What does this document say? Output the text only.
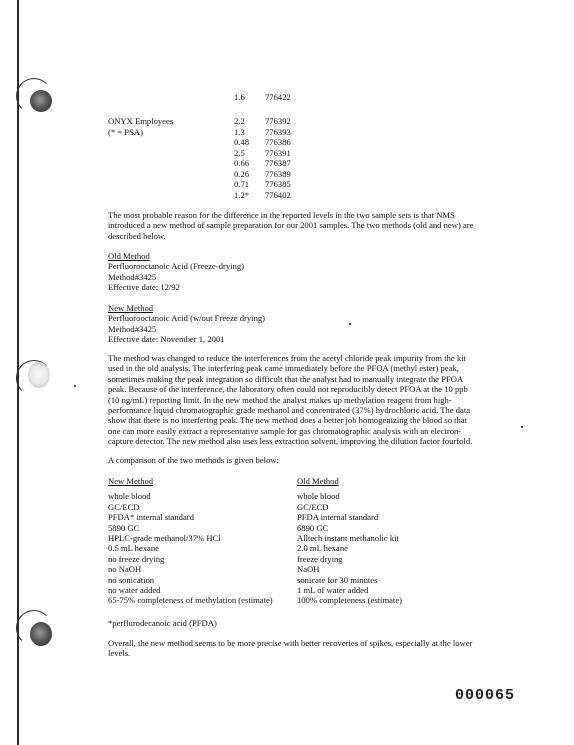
1.6 776422
ONYX Employees
(* = PSA)
2.2 776392
1.3 776393
0.48 776386
2.5 776391
0.66 776387
0.26 776389
0.71 776385
1.2* 776402
The most probable reason for the difference in the reported levels in the two sample sets is that NMS
introduced a new method of sample preparation for our 2001 samples. The two methods (old and new) are
described below.
Old Method
Perfluorooctanoic Acid (Freeze-drying)
Method#3425
Effective date: 12/92
New Method
Perfluorooctanoic Acid (w/out Freeze drying)
Method#3425
Effective date: November 1, 2001
The method was changed to reduce the interferences from the acetyl chloride peak impurity from the kit
used in the old analysis. The interfering peak came immediately before the PFOA (methyl ester) peak,
sometimes making the peak integration so difficult that the analyst had to manually integrate the PFOA
peak. Because of the interference, the laboratory often could not reproducibly detect PFOA at the 10 ppb
(10 ng/mL) reporting limit. In the new method the analyst makes up methylation reagent from high-
performance liquid chromatographic grade methanol and concentrated (37%) hydrochloric acid. The data
show that there is no interfering peak. The new method does a better job homogenizing the blood so that
one can more easily extract a representative sample for gas chromatographic analysis with an electron-
capture detector. The new method also uses less extraction solvent, improving the dilution factor fourfold.
A comparison of the two methods is given below:
New Method
whole blood
GC/ECD
PFDA* internal standard
5890 GC
HPLC-grade methanol/37% HCl
0.5 mL hexane
no freeze drying
no NaOH
no sonication
no water added
65-75% completeness of methylation (estimate)
Old Method
whole blood
GC/ECD
PFDA internal standard
6890 GC
Alltech instant methanolic kit
2.0 mL hexane
freeze drying
NaOH
sonicate for 30 minutes
1 mL of water added
100% completeness (estimate)
*perflurodecanoic acid (PFDA)
Overall, the new method seems to be more precise with better recoveries of spikes, especially at the lower
levels.
000065
